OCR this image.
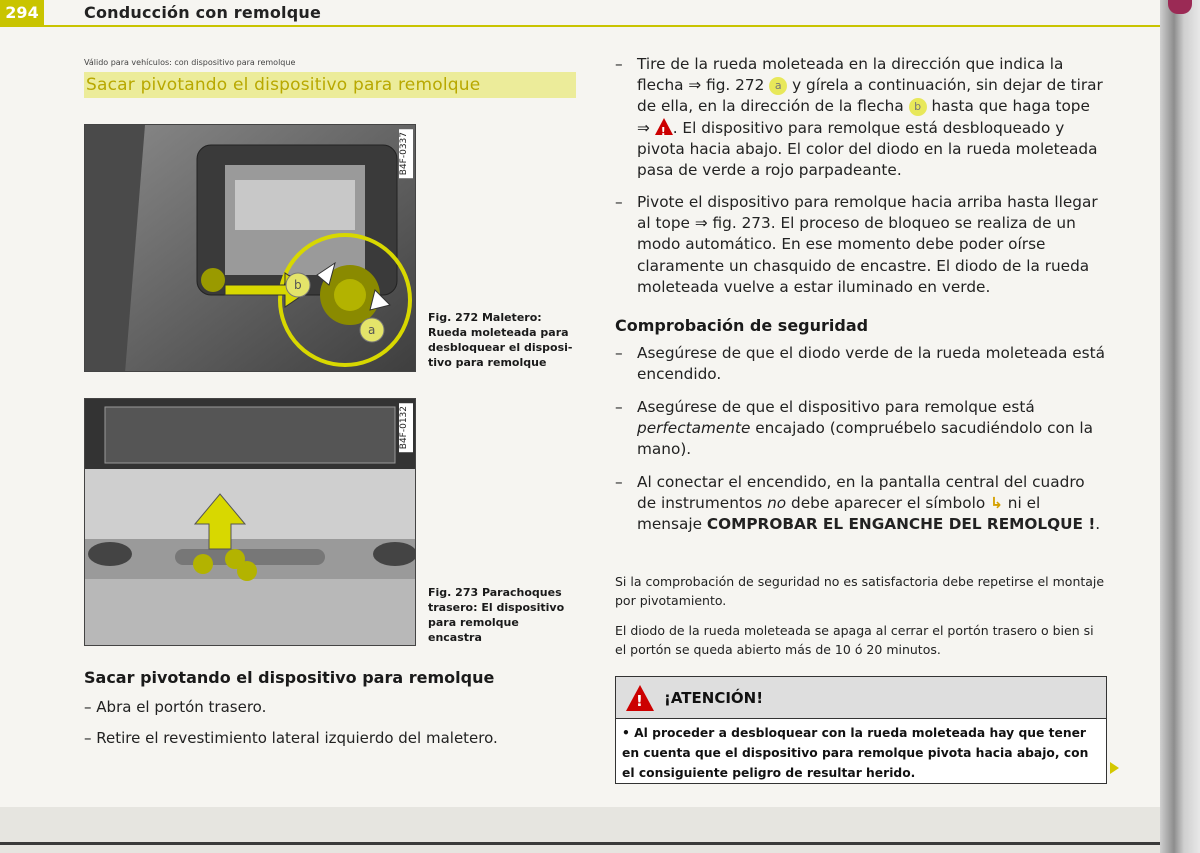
294	Conducción con remolque
Válido para vehículos: con dispositivo para remolque
Sacar pivotando el dispositivo para remolque
b
a
B4F-0337
Fig. 272 Maletero: Rueda moleteada para desbloquear el disposi-tivo para remolque
B4F-0132
Fig. 273 Parachoques trasero: El dispositivo para remolque encastra
Sacar pivotando el dispositivo para remolque
– Abra el portón trasero.
– Retire el revestimiento lateral izquierdo del maletero.
– Tire de la rueda moleteada en la dirección que indica la flecha ⇒ fig. 272 a y gírela a continuación, sin dejar de tirar de ella, en la dirección de la flecha b hasta que haga tope ⇒ !. El dispositivo para remolque está desbloqueado y pivota hacia abajo. El color del diodo en la rueda moleteada pasa de verde a rojo parpadeante.
– Pivote el dispositivo para remolque hacia arriba hasta llegar al tope ⇒ fig. 273. El proceso de bloqueo se realiza de un modo automático. En ese momento debe poder oírse claramente un chasquido de encastre. El diodo de la rueda moleteada vuelve a estar iluminado en verde.
Comprobación de seguridad
– Asegúrese de que el diodo verde de la rueda moleteada está encendido.
– Asegúrese de que el dispositivo para remolque está perfectamente encajado (compruébelo sacudiéndolo con la mano).
– Al conectar el encendido, en la pantalla central del cuadro de instrumentos no debe aparecer el símbolo ↳ ni el mensaje COMPROBAR EL ENGANCHE DEL REMOLQUE !.
Si la comprobación de seguridad no es satisfactoria debe repetirse el montaje por pivotamiento.
El diodo de la rueda moleteada se apaga al cerrar el portón trasero o bien si el portón se queda abierto más de 10 ó 20 minutos.
!
¡ATENCIÓN!
• Al proceder a desbloquear con la rueda moleteada hay que tener en cuenta que el dispositivo para remolque pivota hacia abajo, con el consiguiente peligro de resultar herido.
